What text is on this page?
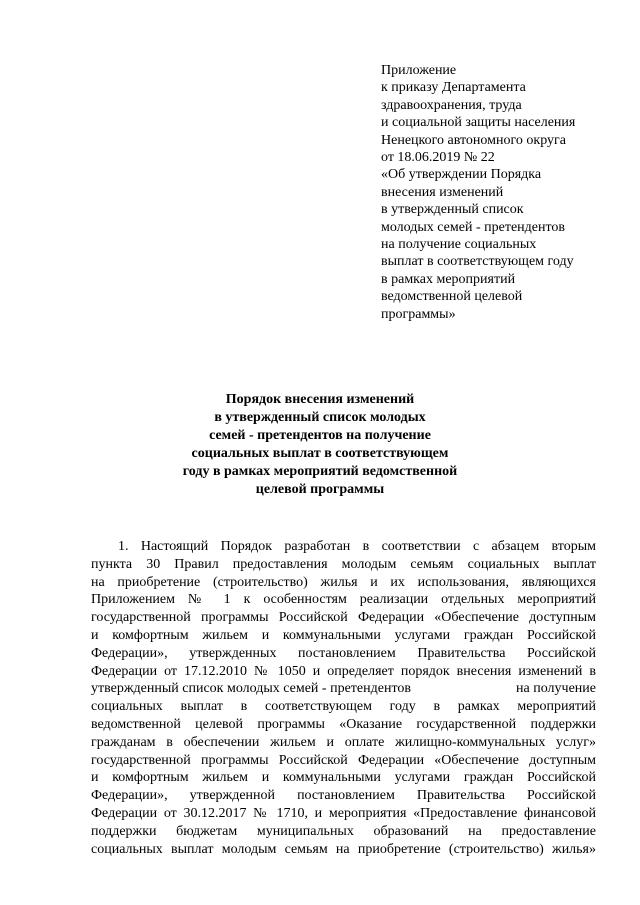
Приложение
к приказу Департамента
здравоохранения, труда
и социальной защиты населения
Ненецкого автономного округа
от 18.06.2019 № 22
«Об утверждении Порядка
внесения изменений
в утвержденный список
молодых семей - претендентов
на получение социальных
выплат в соответствующем году
в рамках мероприятий
ведомственной целевой
программы»
Порядок внесения изменений
в утвержденный список молодых
семей - претендентов на получение
социальных выплат в соответствующем
году в рамках мероприятий ведомственной
целевой программы
1. Настоящий Порядок разработан в соответствии с абзацем вторым
пункта 30 Правил предоставления молодым семьям социальных выплат
на приобретение (строительство) жилья и их использования, являющихся
Приложением № 1 к особенностям реализации отдельных мероприятий
государственной программы Российской Федерации «Обеспечение доступным
и комфортным жильем и коммунальными услугами граждан Российской
Федерации», утвержденных постановлением Правительства Российской
Федерации от 17.12.2010 № 1050 и определяет порядок внесения изменений в
утвержденный список молодых семей - претендентов	на получение
социальных выплат в соответствующем году в рамках мероприятий
ведомственной целевой программы «Оказание государственной поддержки
гражданам в обеспечении жильем и оплате жилищно-коммунальных услуг»
государственной программы Российской Федерации «Обеспечение доступным
и комфортным жильем и коммунальными услугами граждан Российской
Федерации», утвержденной постановлением Правительства Российской
Федерации от 30.12.2017 № 1710, и мероприятия «Предоставление финансовой
поддержки бюджетам муниципальных образований на предоставление
социальных выплат молодым семьям на приобретение (строительство) жилья»
